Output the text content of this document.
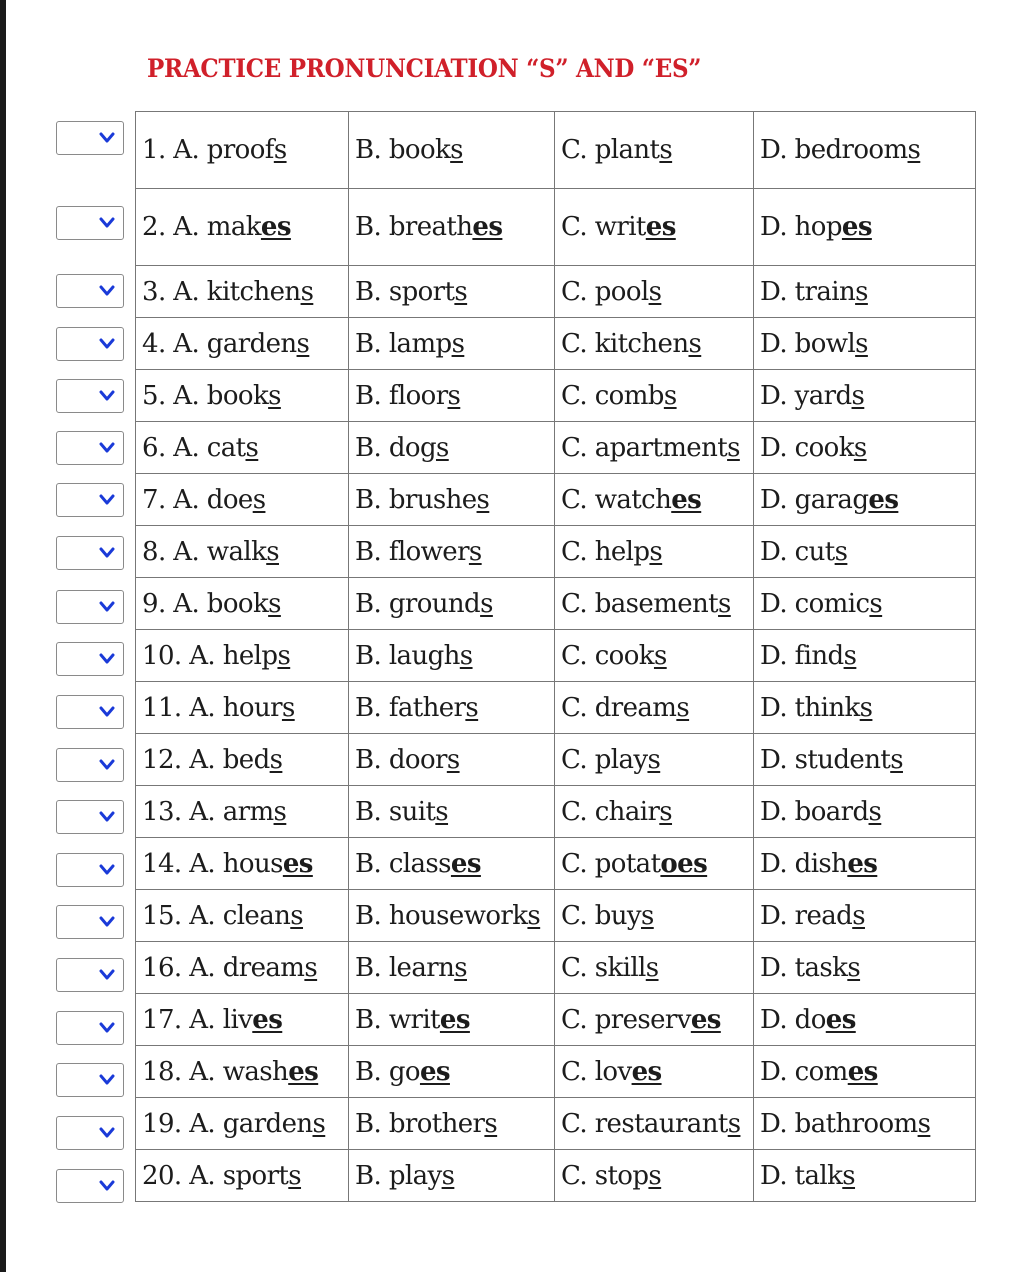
PRACTICE PRONUNCIATION “S” AND “ES”
1. A. proofs	B. books	C. plants	D. bedrooms
2. A. makes	B. breathes	C. writes	D. hopes
3. A. kitchens	B. sports	C. pools	D. trains
4. A. gardens	B. lamps	C. kitchens	D. bowls
5. A. books	B. floors	C. combs	D. yards
6. A. cats	B. dogs	C. apartments	D. cooks
7. A. does	B. brushes	C. watches	D. garages
8. A. walks	B. flowers	C. helps	D. cuts
9. A. books	B. grounds	C. basements	D. comics
10. A. helps	B. laughs	C. cooks	D. finds
11. A. hours	B. fathers	C. dreams	D. thinks
12. A. beds	B. doors	C. plays	D. students
13. A. arms	B. suits	C. chairs	D. boards
14. A. houses	B. classes	C. potatoes	D. dishes
15. A. cleans	B. houseworks	C. buys	D. reads
16. A. dreams	B. learns	C. skills	D. tasks
17. A. lives	B. writes	C. preserves	D. does
18. A. washes	B. goes	C. loves	D. comes
19. A. gardens	B. brothers	C. restaurants	D. bathrooms
20. A. sports	B. plays	C. stops	D. talks
